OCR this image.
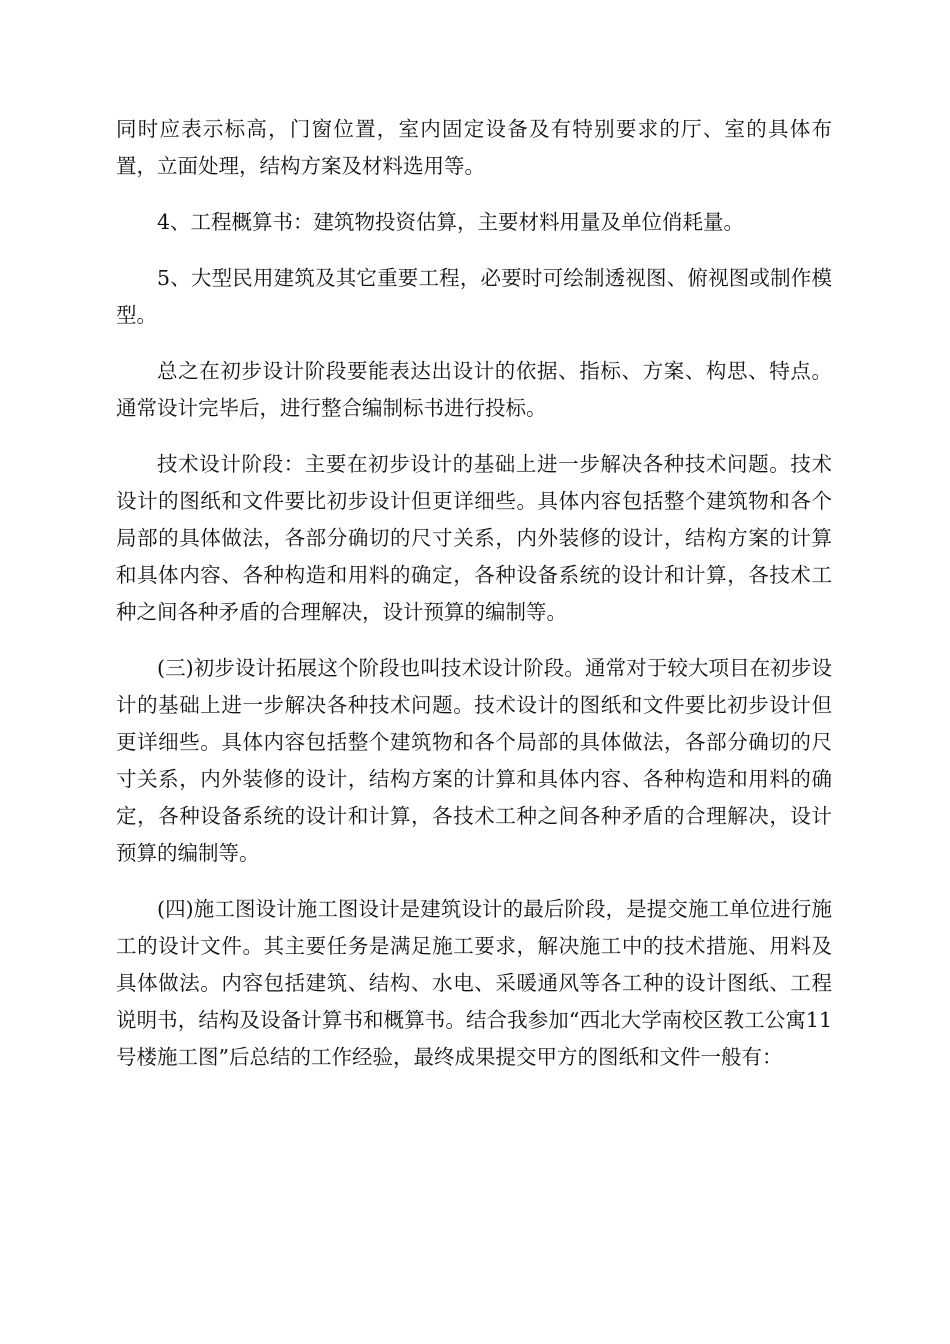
同时应表示标高，门窗位置，室内固定设备及有特别要求的厅、室的具体布置，立面处理，结构方案及材料选用等。

4、工程概算书：建筑物投资估算，主要材料用量及单位俏耗量。

5、大型民用建筑及其它重要工程，必要时可绘制透视图、俯视图或制作模型。

总之在初步设计阶段要能表达出设计的依据、指标、方案、构思、特点。通常设计完毕后，进行整合编制标书进行投标。

技术设计阶段：主要在初步设计的基础上进一步解决各种技术问题。技术设计的图纸和文件要比初步设计但更详细些。具体内容包括整个建筑物和各个局部的具体做法，各部分确切的尺寸关系，内外装修的设计，结构方案的计算和具体内容、各种构造和用料的确定，各种设备系统的设计和计算，各技术工种之间各种矛盾的合理解决，设计预算的编制等。

(三)初步设计拓展这个阶段也叫技术设计阶段。通常对于较大项目在初步设计的基础上进一步解决各种技术问题。技术设计的图纸和文件要比初步设计但更详细些。具体内容包括整个建筑物和各个局部的具体做法，各部分确切的尺寸关系，内外装修的设计，结构方案的计算和具体内容、各种构造和用料的确定，各种设备系统的设计和计算，各技术工种之间各种矛盾的合理解决，设计预算的编制等。

(四)施工图设计施工图设计是建筑设计的最后阶段，是提交施工单位进行施工的设计文件。其主要任务是满足施工要求，解决施工中的技术措施、用料及具体做法。内容包括建筑、结构、水电、采暖通风等各工种的设计图纸、工程说明书，结构及设备计算书和概算书。结合我参加“西北大学南校区教工公寓11号楼施工图”后总结的工作经验，最终成果提交甲方的图纸和文件一般有：
